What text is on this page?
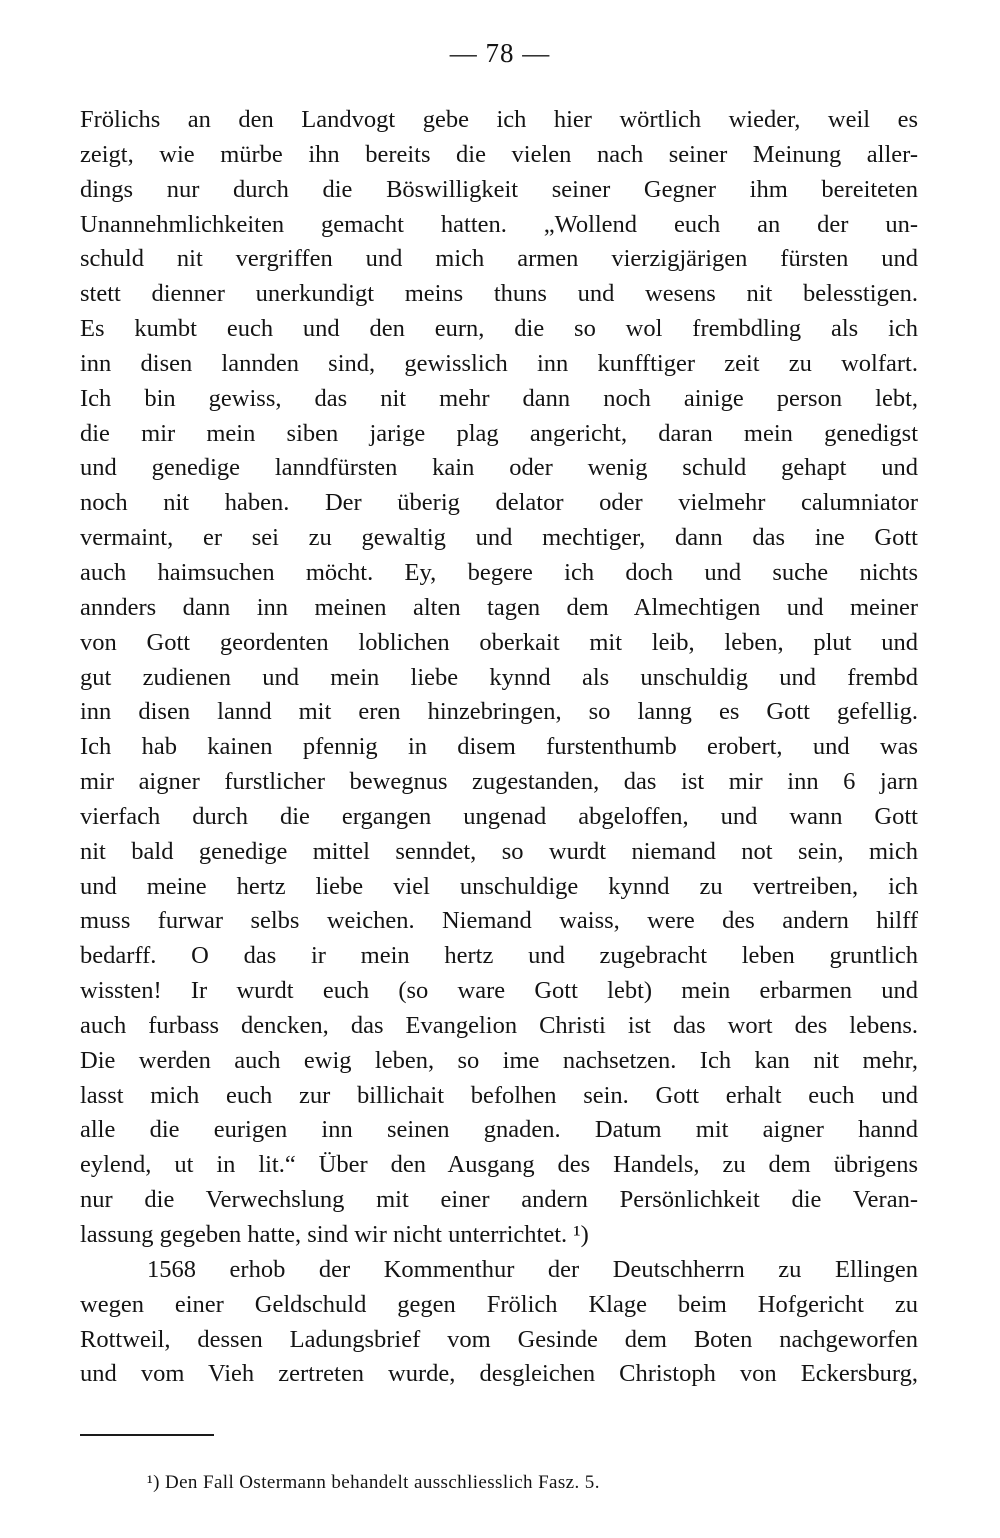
— 78 —
Frölichs an den Landvogt gebe ich hier wörtlich wieder, weil es
zeigt, wie mürbe ihn bereits die vielen nach seiner Meinung aller-
dings nur durch die Böswilligkeit seiner Gegner ihm bereiteten
Unannehmlichkeiten gemacht hatten. „Wollend euch an der un-
schuld nit vergriffen und mich armen vierzigjärigen fürsten und
stett dienner unerkundigt meins thuns und wesens nit belesstigen.
Es kumbt euch und den eurn, die so wol frembdling als ich
inn disen lannden sind, gewisslich inn kunfftiger zeit zu wolfart.
Ich bin gewiss, das nit mehr dann noch ainige person lebt,
die mir mein siben jarige plag angericht, daran mein genedigst
und genedige lanndfürsten kain oder wenig schuld gehapt und
noch nit haben. Der überig delator oder vielmehr calumniator
vermaint, er sei zu gewaltig und mechtiger, dann das ine Gott
auch haimsuchen möcht. Ey, begere ich doch und suche nichts
annders dann inn meinen alten tagen dem Almechtigen und meiner
von Gott geordenten loblichen oberkait mit leib, leben, plut und
gut zudienen und mein liebe kynnd als unschuldig und frembd
inn disen lannd mit eren hinzebringen, so lanng es Gott gefellig.
Ich hab kainen pfennig in disem furstenthumb erobert, und was
mir aigner furstlicher bewegnus zugestanden, das ist mir inn 6 jarn
vierfach durch die ergangen ungenad abgeloffen, und wann Gott
nit bald genedige mittel senndet, so wurdt niemand not sein, mich
und meine hertz liebe viel unschuldige kynnd zu vertreiben, ich
muss furwar selbs weichen. Niemand waiss, were des andern hilff
bedarff. O das ir mein hertz und zugebracht leben gruntlich
wissten! Ir wurdt euch (so ware Gott lebt) mein erbarmen und
auch furbass dencken, das Evangelion Christi ist das wort des lebens.
Die werden auch ewig leben, so ime nachsetzen. Ich kan nit mehr,
lasst mich euch zur billichait befolhen sein. Gott erhalt euch und
alle die eurigen inn seinen gnaden. Datum mit aigner hannd
eylend, ut in lit.“ Über den Ausgang des Handels, zu dem übrigens
nur die Verwechslung mit einer andern Persönlichkeit die Veran-
lassung gegeben hatte, sind wir nicht unterrichtet. ¹)
1568 erhob der Kommenthur der Deutschherrn zu Ellingen
wegen einer Geldschuld gegen Frölich Klage beim Hofgericht zu
Rottweil, dessen Ladungsbrief vom Gesinde dem Boten nachgeworfen
und vom Vieh zertreten wurde, desgleichen Christoph von Eckersburg,
¹) Den Fall Ostermann behandelt ausschliesslich Fasz. 5.
